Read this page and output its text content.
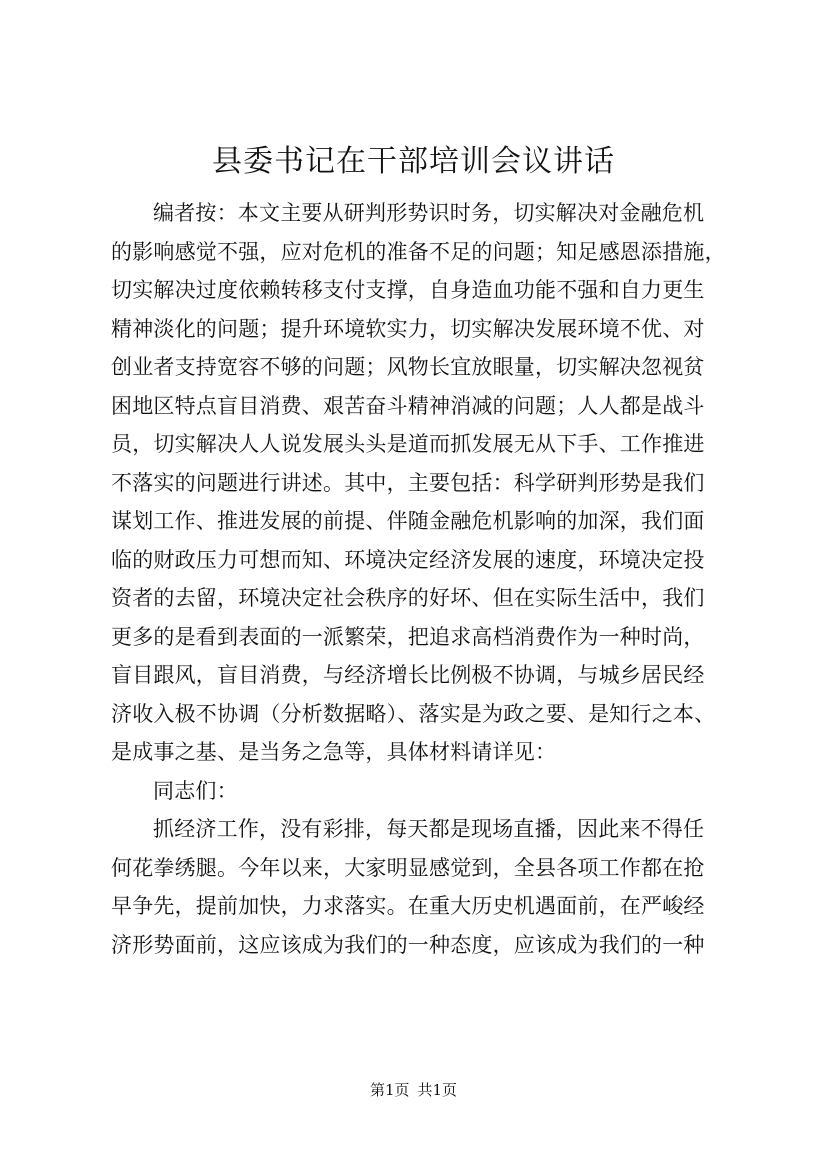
县委书记在干部培训会议讲话
编者按：本文主要从研判形势识时务，切实解决对金融危机
的影响感觉不强，应对危机的准备不足的问题；知足感恩添措施，
切实解决过度依赖转移支付支撑，自身造血功能不强和自力更生
精神淡化的问题；提升环境软实力，切实解决发展环境不优、对
创业者支持宽容不够的问题；风物长宜放眼量，切实解决忽视贫
困地区特点盲目消费、艰苦奋斗精神消减的问题；人人都是战斗
员，切实解决人人说发展头头是道而抓发展无从下手、工作推进
不落实的问题进行讲述。其中，主要包括：科学研判形势是我们
谋划工作、推进发展的前提、伴随金融危机影响的加深，我们面
临的财政压力可想而知、环境决定经济发展的速度，环境决定投
资者的去留，环境决定社会秩序的好坏、但在实际生活中，我们
更多的是看到表面的一派繁荣，把追求高档消费作为一种时尚，
盲目跟风，盲目消费，与经济增长比例极不协调，与城乡居民经
济收入极不协调（分析数据略）、落实是为政之要、是知行之本、
是成事之基、是当务之急等，具体材料请详见：
同志们：
抓经济工作，没有彩排，每天都是现场直播，因此来不得任
何花拳绣腿。今年以来，大家明显感觉到，全县各项工作都在抢
早争先，提前加快，力求落实。在重大历史机遇面前，在严峻经
济形势面前，这应该成为我们的一种态度，应该成为我们的一种
第1页 共1页
